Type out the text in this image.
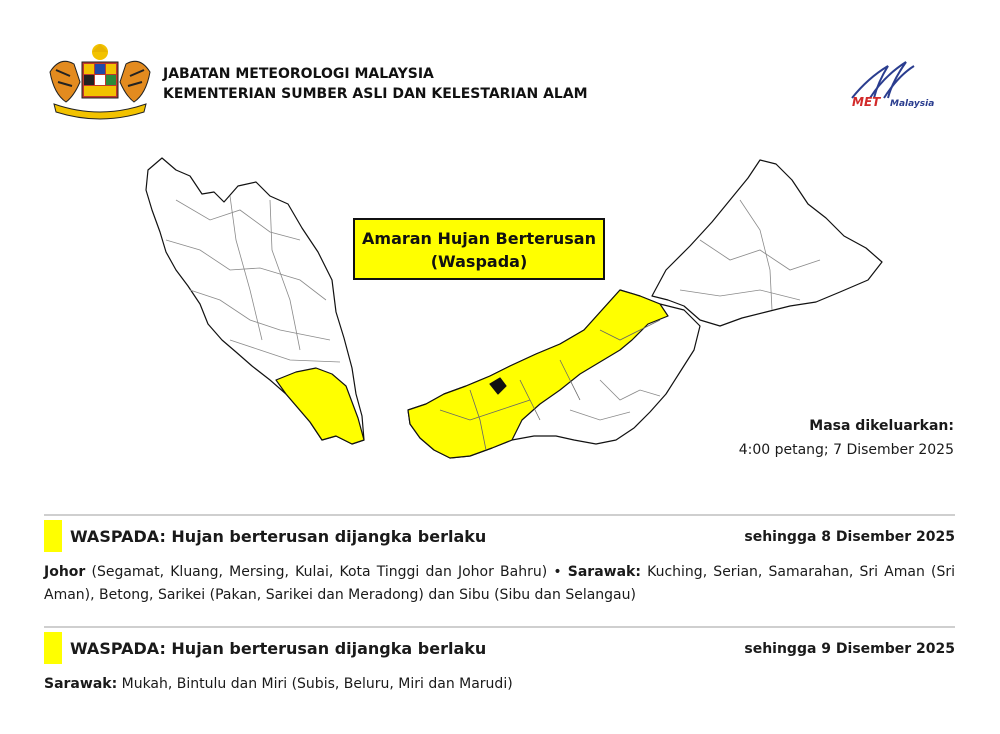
JABATAN METEOROLOGI MALAYSIA
KEMENTERIAN SUMBER ASLI DAN KELESTARIAN ALAM	MET Malaysia
Amaran Hujan Berterusan
(Waspada)
Masa dikeluarkan:
4:00 petang; 7 Disember 2025
WASPADA: Hujan berterusan dijangka berlaku	sehingga 8 Disember 2025
Johor (Segamat, Kluang, Mersing, Kulai, Kota Tinggi dan Johor Bahru) • Sarawak: Kuching, Serian, Samarahan, Sri Aman (Sri Aman), Betong, Sarikei (Pakan, Sarikei dan Meradong) dan Sibu (Sibu dan Selangau)
WASPADA: Hujan berterusan dijangka berlaku	sehingga 9 Disember 2025
Sarawak: Mukah, Bintulu dan Miri (Subis, Beluru, Miri dan Marudi)
